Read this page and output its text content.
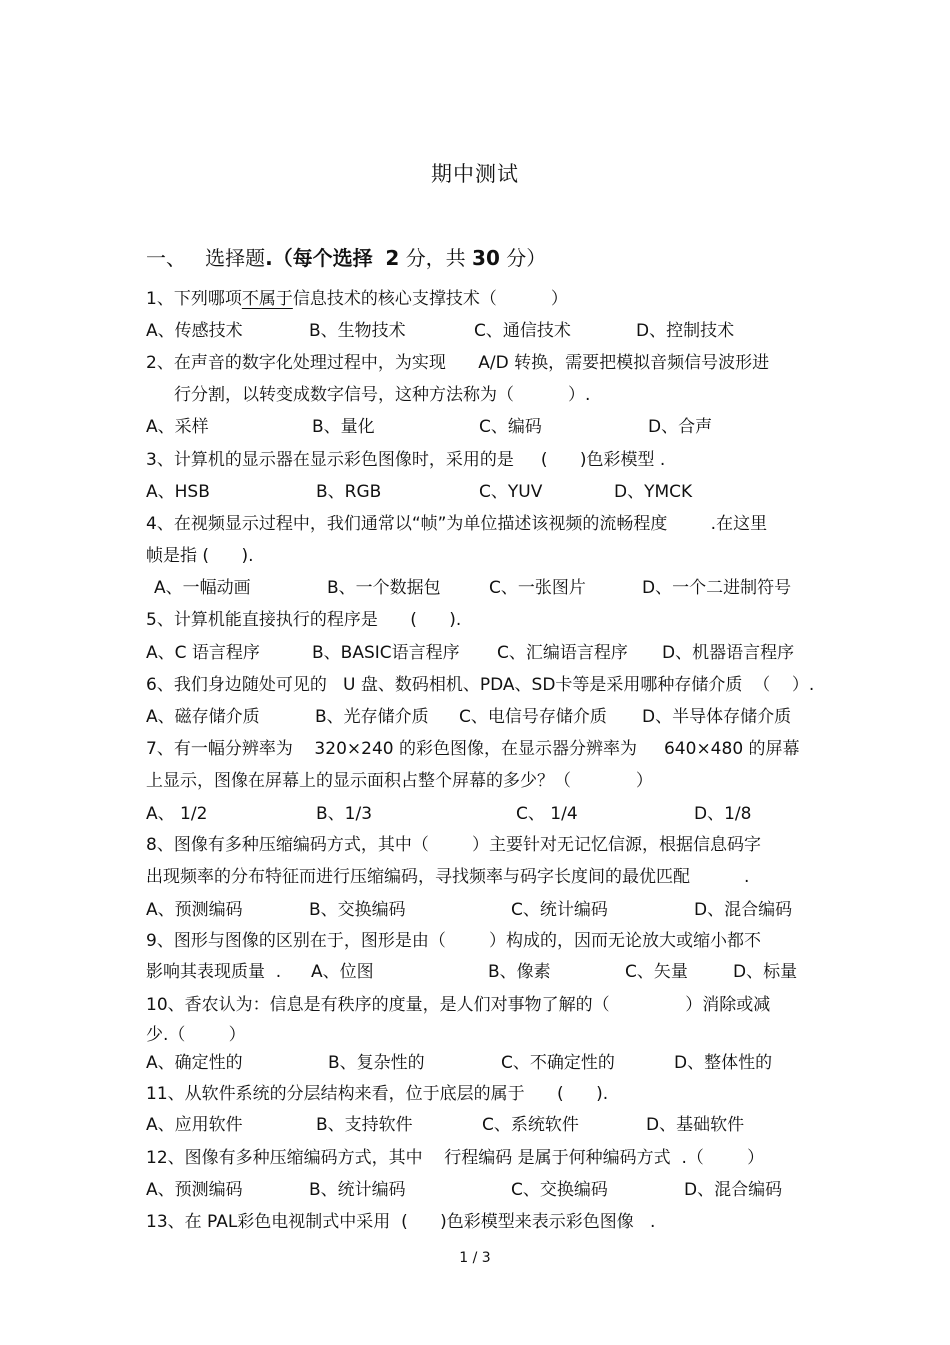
期中测试
一、 选择题.（每个选择 2 分，共 30 分）
1、下列哪项不属于信息技术的核心支撑技术（          ）
A、传感技术	B、生物技术	C、通信技术	D、控制技术
2、在声音的数字化处理过程中，为实现      A/D 转换，需要把模拟音频信号波形进
行分割，以转变成数字信号，这种方法称为（          ）.
A、采样	B、量化	C、编码	D、合声
3、计算机的显示器在显示彩色图像时，采用的是     (      )色彩模型 .
A、HSB	B、RGB	C、YUV	D、YMCK
4、在视频显示过程中，我们通常以“帧”为单位描述该视频的流畅程度        .在这里
帧是指 (      ).
A、一幅动画	B、一个数据包	C、一张图片	D、一个二进制符号
5、计算机能直接执行的程序是      (      ).
A、C 语言程序	B、BASIC语言程序 C、汇编语言程序 D、机器语言程序
6、我们身边随处可见的   U 盘、数码相机、PDA、SD卡等是采用哪种存储介质  （    ）.
A、磁存储介质	B、光存储介质 C、电信号存储介质 D、半导体存储介质
7、有一幅分辨率为    320×240 的彩色图像，在显示器分辨率为     640×480 的屏幕
上显示，图像在屏幕上的显示面积占整个屏幕的多少？（            ）
A、 1/2	B、1/3	C、 1/4	D、1/8
8、图像有多种压缩编码方式，其中（        ）主要针对无记忆信源，根据信息码字
出现频率的分布特征而进行压缩编码，寻找频率与码字长度间的最优匹配          .
A、预测编码	B、交换编码	C、统计编码	D、混合编码
9、图形与图像的区别在于，图形是由（        ）构成的，因而无论放大或缩小都不
影响其表现质量  . A、位图	B、像素	C、矢量	D、标量
10、香农认为：信息是有秩序的度量，是人们对事物了解的（              ）消除或减
少.（        ）
A、确定性的	B、复杂性的	C、不确定性的	D、整体性的
11、从软件系统的分层结构来看，位于底层的属于      (      ).
A、应用软件	B、支持软件	C、系统软件	D、基础软件
12、图像有多种压缩编码方式，其中    行程编码 是属于何种编码方式  .（        ）
A、预测编码	B、统计编码	C、交换编码	D、混合编码
13、在 PAL彩色电视制式中采用  (      )色彩模型来表示彩色图像   .
1 / 3
